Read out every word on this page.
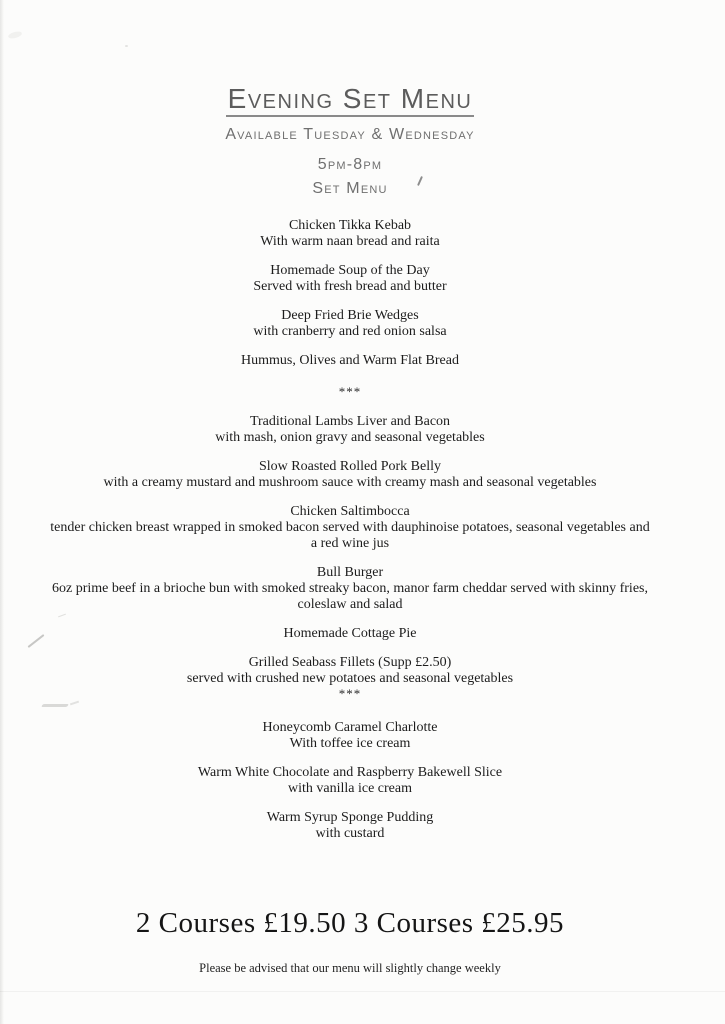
Evening Set Menu
Available Tuesday & Wednesday
5pm-8pm
Set Menu
Chicken Tikka Kebab
With warm naan bread and raita
Homemade Soup of the Day
Served with fresh bread and butter
Deep Fried Brie Wedges
with cranberry and red onion salsa
Hummus, Olives and Warm Flat Bread
***
Traditional Lambs Liver and Bacon
with mash, onion gravy and seasonal vegetables
Slow Roasted Rolled Pork Belly
with a creamy mustard and mushroom sauce with creamy mash and seasonal vegetables
Chicken Saltimbocca
tender chicken breast wrapped in smoked bacon served with dauphinoise potatoes, seasonal vegetables and
a red wine jus
Bull Burger
6oz prime beef in a brioche bun with smoked streaky bacon, manor farm cheddar served with skinny fries,
coleslaw and salad
Homemade Cottage Pie
Grilled Seabass Fillets (Supp £2.50)
served with crushed new potatoes and seasonal vegetables
***
Honeycomb Caramel Charlotte
With toffee ice cream
Warm White Chocolate and Raspberry Bakewell Slice
with vanilla ice cream
Warm Syrup Sponge Pudding
with custard
2 Courses £19.50 3 Courses £25.95
Please be advised that our menu will slightly change weekly
